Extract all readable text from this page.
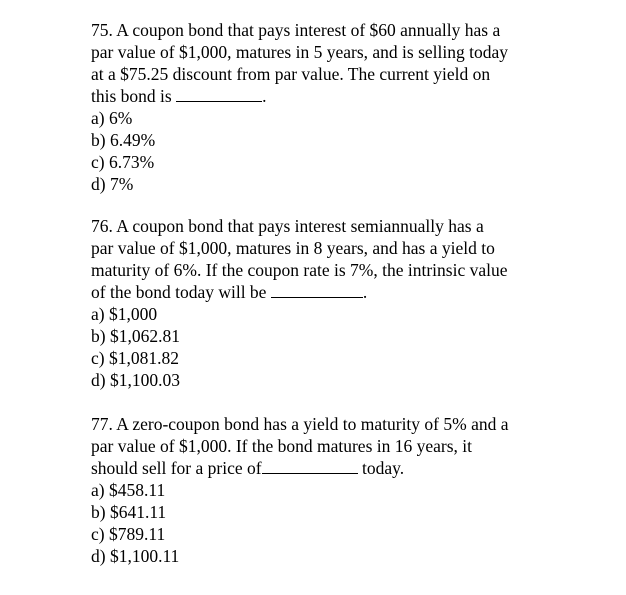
75. A coupon bond that pays interest of $60 annually has a
par value of $1,000, matures in 5 years, and is selling today
at a $75.25 discount from par value. The current yield on
this bond is	.
a) 6%
b) 6.49%
c) 6.73%
d) 7%
76. A coupon bond that pays interest semiannually has a
par value of $1,000, matures in 8 years, and has a yield to
maturity of 6%. If the coupon rate is 7%, the intrinsic value
of the bond today will be	.
a) $1,000
b) $1,062.81
c) $1,081.82
d) $1,100.03
77. A zero-coupon bond has a yield to maturity of 5% and a
par value of $1,000. If the bond matures in 16 years, it
should sell for a price of	today.
a) $458.11
b) $641.11
c) $789.11
d) $1,100.11
